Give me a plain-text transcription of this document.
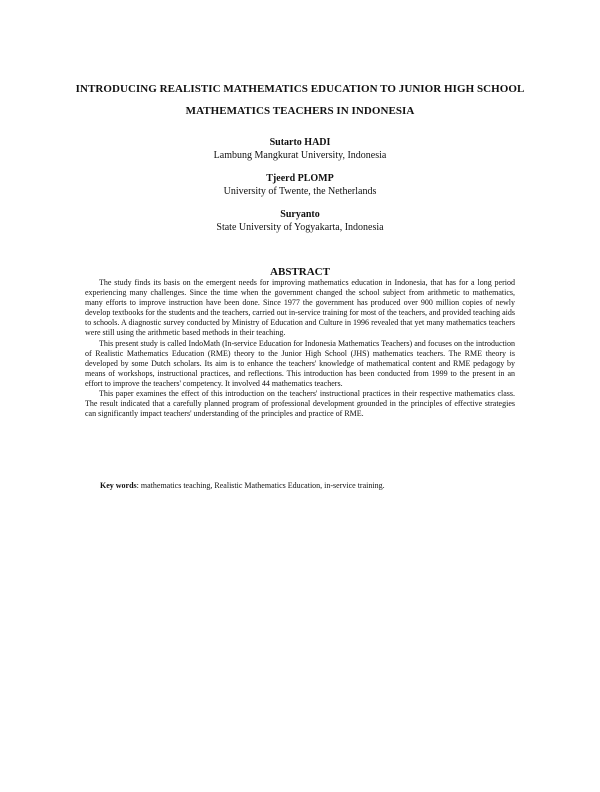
INTRODUCING REALISTIC MATHEMATICS EDUCATION TO JUNIOR HIGH SCHOOL MATHEMATICS TEACHERS IN INDONESIA
Sutarto HADI
Lambung Mangkurat University, Indonesia
Tjeerd PLOMP
University of Twente, the Netherlands
Suryanto
State University of Yogyakarta, Indonesia
ABSTRACT

The study finds its basis on the emergent needs for improving mathematics education in Indonesia, that has for a long period experiencing many challenges. Since the time when the government changed the school subject from arithmetic to mathematics, many efforts to improve instruction have been done. Since 1977 the government has produced over 900 million copies of newly develop textbooks for the students and the teachers, carried out in-service training for most of the teachers, and provided teaching aids to schools. A diagnostic survey conducted by Ministry of Education and Culture in 1996 revealed that yet many mathematics teachers were still using the arithmetic based methods in their teaching.

This present study is called IndoMath (In-service Education for Indonesia Mathematics Teachers) and focuses on the introduction of Realistic Mathematics Education (RME) theory to the Junior High School (JHS) mathematics teachers. The RME theory is developed by some Dutch scholars. Its aim is to enhance the teachers' knowledge of mathematical content and RME pedagogy by means of workshops, instructional practices, and reflections. This introduction has been conducted from 1999 to the present in an effort to improve the teachers' competency. It involved 44 mathematics teachers.

This paper examines the effect of this introduction on the teachers' instructional practices in their respective mathematics class. The result indicated that a carefully planned program of professional development grounded in the principles of effective strategies can significantly impact teachers' understanding of the principles and practice of RME.

Key words: mathematics teaching, Realistic Mathematics Education, in-service training.
